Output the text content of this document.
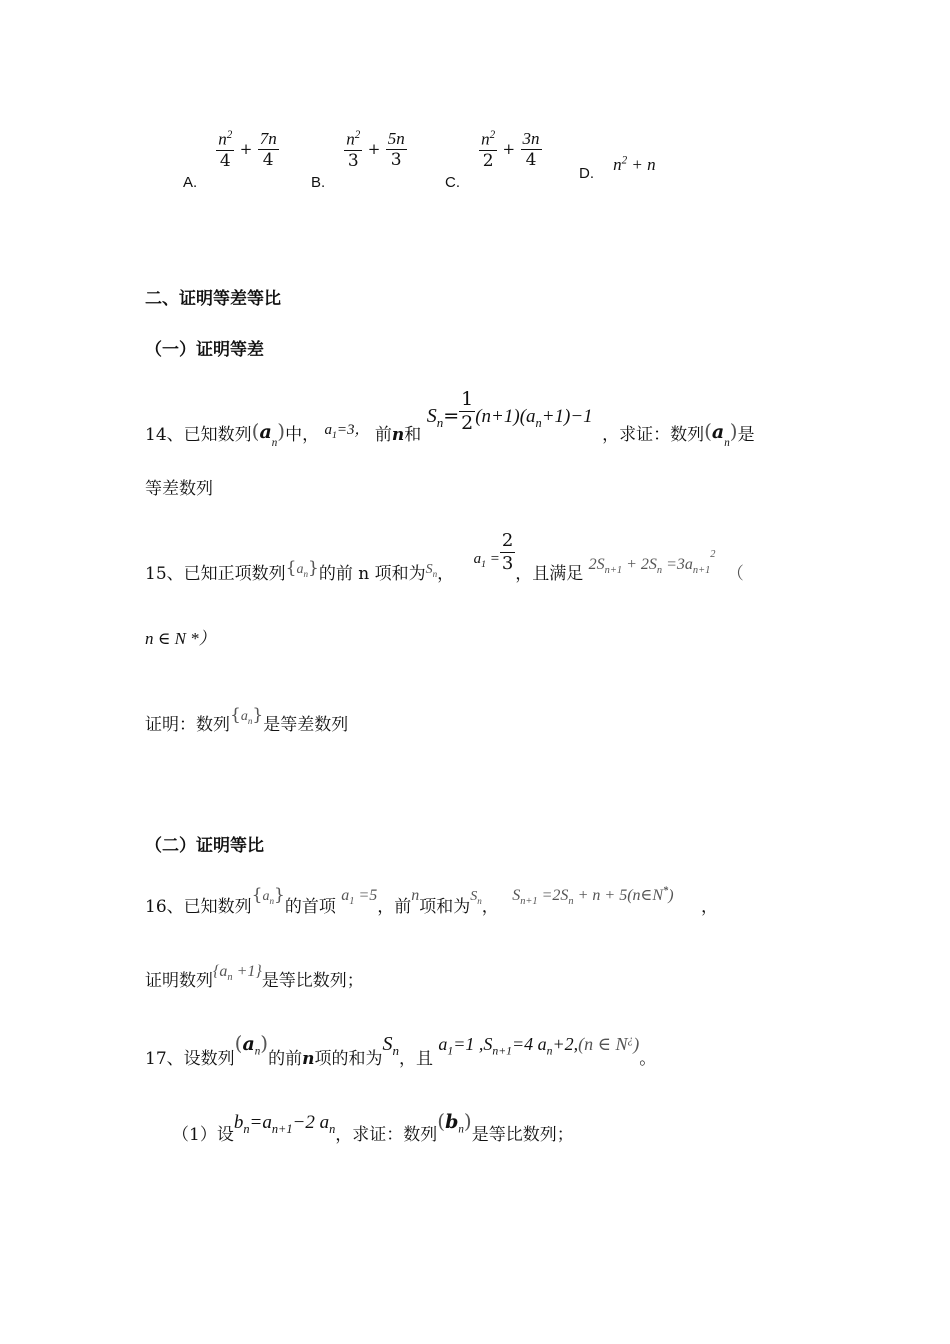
A.
$\frac{n^2}{4} + \frac{7n}{4}$
B.
$\frac{n^2}{3} + \frac{5n}{3}$
C.
$\frac{n^2}{2} + \frac{3n}{4}$
D. $n^2 + n$
二、证明等差等比
（一）证明等差
14、已知数列$(a_n)$中， $a_1=3$， 前n和 $S_n= \frac{1}{2} (n+1)(a_n+1)-1$ ，求证：数列$(a_n)$是
等差数列
15、已知正项数列$\{_{a_n}\}$的前 n 项和为$_{S_n}$， $a_1 = \frac{2}{3}$
，且满足 $2S_{n+1} + 2S_n =3a_{n+1}^2$ （
n ∈ N *）
证明：数列$\{a_n\}$是等差数列
（二）证明等比
16、已知数列$\{a_n\}$的首项 $a_1 =5$，前n项和为$S_n$， $S_{n+1} =2S_n + n$ + 5(n∈N*) ，
证明数列$\{a_n +1\}$是等比数列；
17、设数列$(a_n)$的前n项的和为$S_n$，且 $a_1=1$ $,S_{n+1}=4$ $a_n+2,(n$ ∈ N¿)。
（1）设$b_n=a_{n+1}-2$ $a_n$，求证：数列$(b_n)$是等比数列；
